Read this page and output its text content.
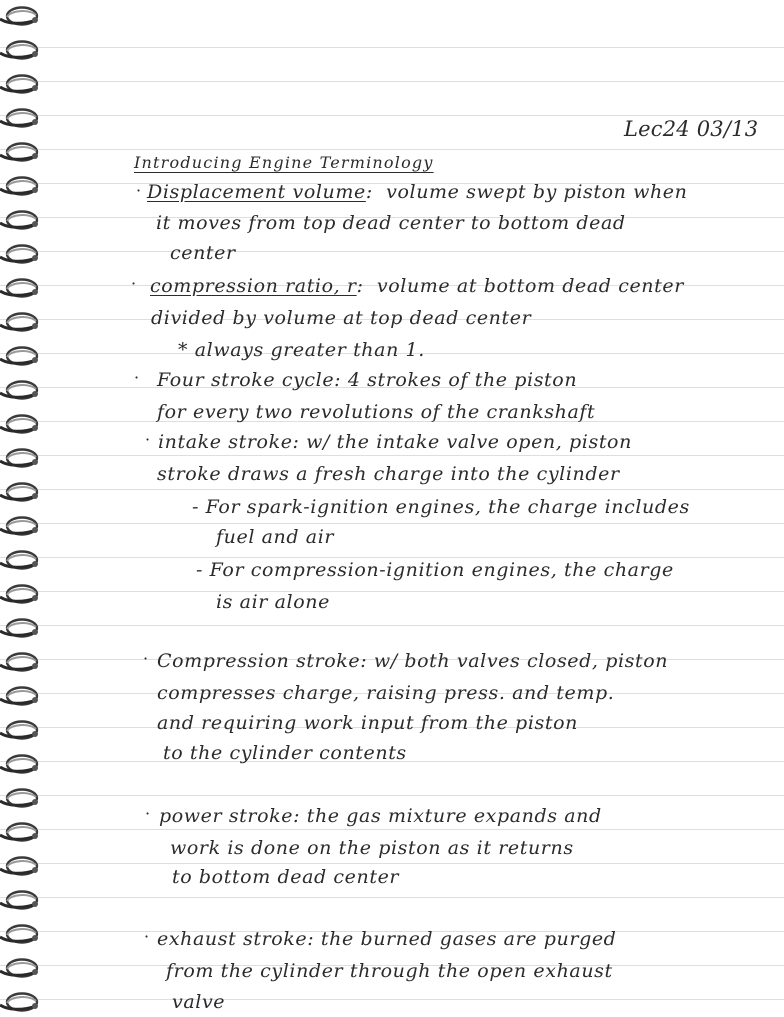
Lec24 03/13
Introducing Engine Terminology
· Displacement volume: volume swept by piston when
it moves from top dead center to bottom dead
center
· compression ratio, r: volume at bottom dead center
divided by volume at top dead center
* always greater than 1.
· Four stroke cycle: 4 strokes of the piston
for every two revolutions of the crankshaft
· intake stroke: w/ the intake valve open, piston
stroke draws a fresh charge into the cylinder
- For spark-ignition engines, the charge includes
fuel and air
- For compression-ignition engines, the charge
is air alone
· Compression stroke: w/ both valves closed, piston
compresses charge, raising press. and temp.
and requiring work input from the piston
to the cylinder contents
· power stroke: the gas mixture expands and
work is done on the piston as it returns
to bottom dead center
· exhaust stroke: the burned gases are purged
from the cylinder through the open exhaust
valve
